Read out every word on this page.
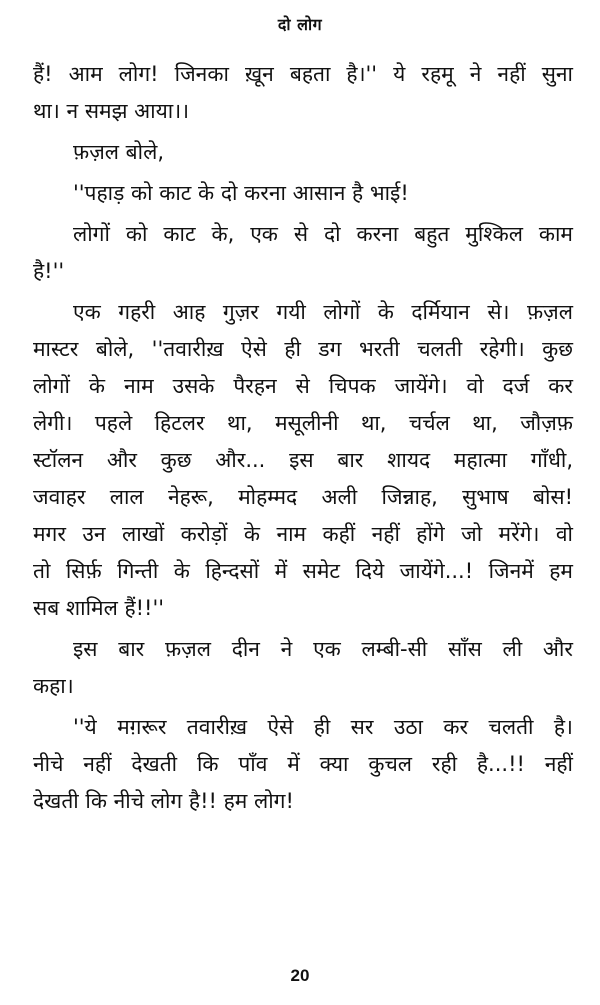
दो लोग
हैं! आम लोग! जिनका ख़ून बहता है।'' ये रहमू ने नहीं सुना
था। न समझ आया।।
फ़ज़ल बोले,
''पहाड़ को काट के दो करना आसान है भाई!
लोगों को काट के, एक से दो करना बहुत मुश्किल काम
है!''
एक गहरी आह गुज़र गयी लोगों के दर्मियान से। फ़ज़ल
मास्टर बोले, ''तवारीख़ ऐसे ही डग भरती चलती रहेगी। कुछ
लोगों के नाम उसके पैरहन से चिपक जायेंगे। वो दर्ज कर
लेगी। पहले हिटलर था, मसूलीनी था, चर्चल था, जौज़फ़
स्टॉलन और कुछ और... इस बार शायद महात्मा गाँधी,
जवाहर लाल नेहरू, मोहम्मद अली जिन्नाह, सुभाष बोस!
मगर उन लाखों करोड़ों के नाम कहीं नहीं होंगे जो मरेंगे। वो
तो सिर्फ़ गिन्ती के हिन्दसों में समेट दिये जायेंगे...! जिनमें हम
सब शामिल हैं!!''
इस बार फ़ज़ल दीन ने एक लम्बी-सी साँस ली और
कहा।
''ये मग़रूर तवारीख़ ऐसे ही सर उठा कर चलती है।
नीचे नहीं देखती कि पाँव में क्या कुचल रही है...!! नहीं
देखती कि नीचे लोग है!! हम लोग!
20
